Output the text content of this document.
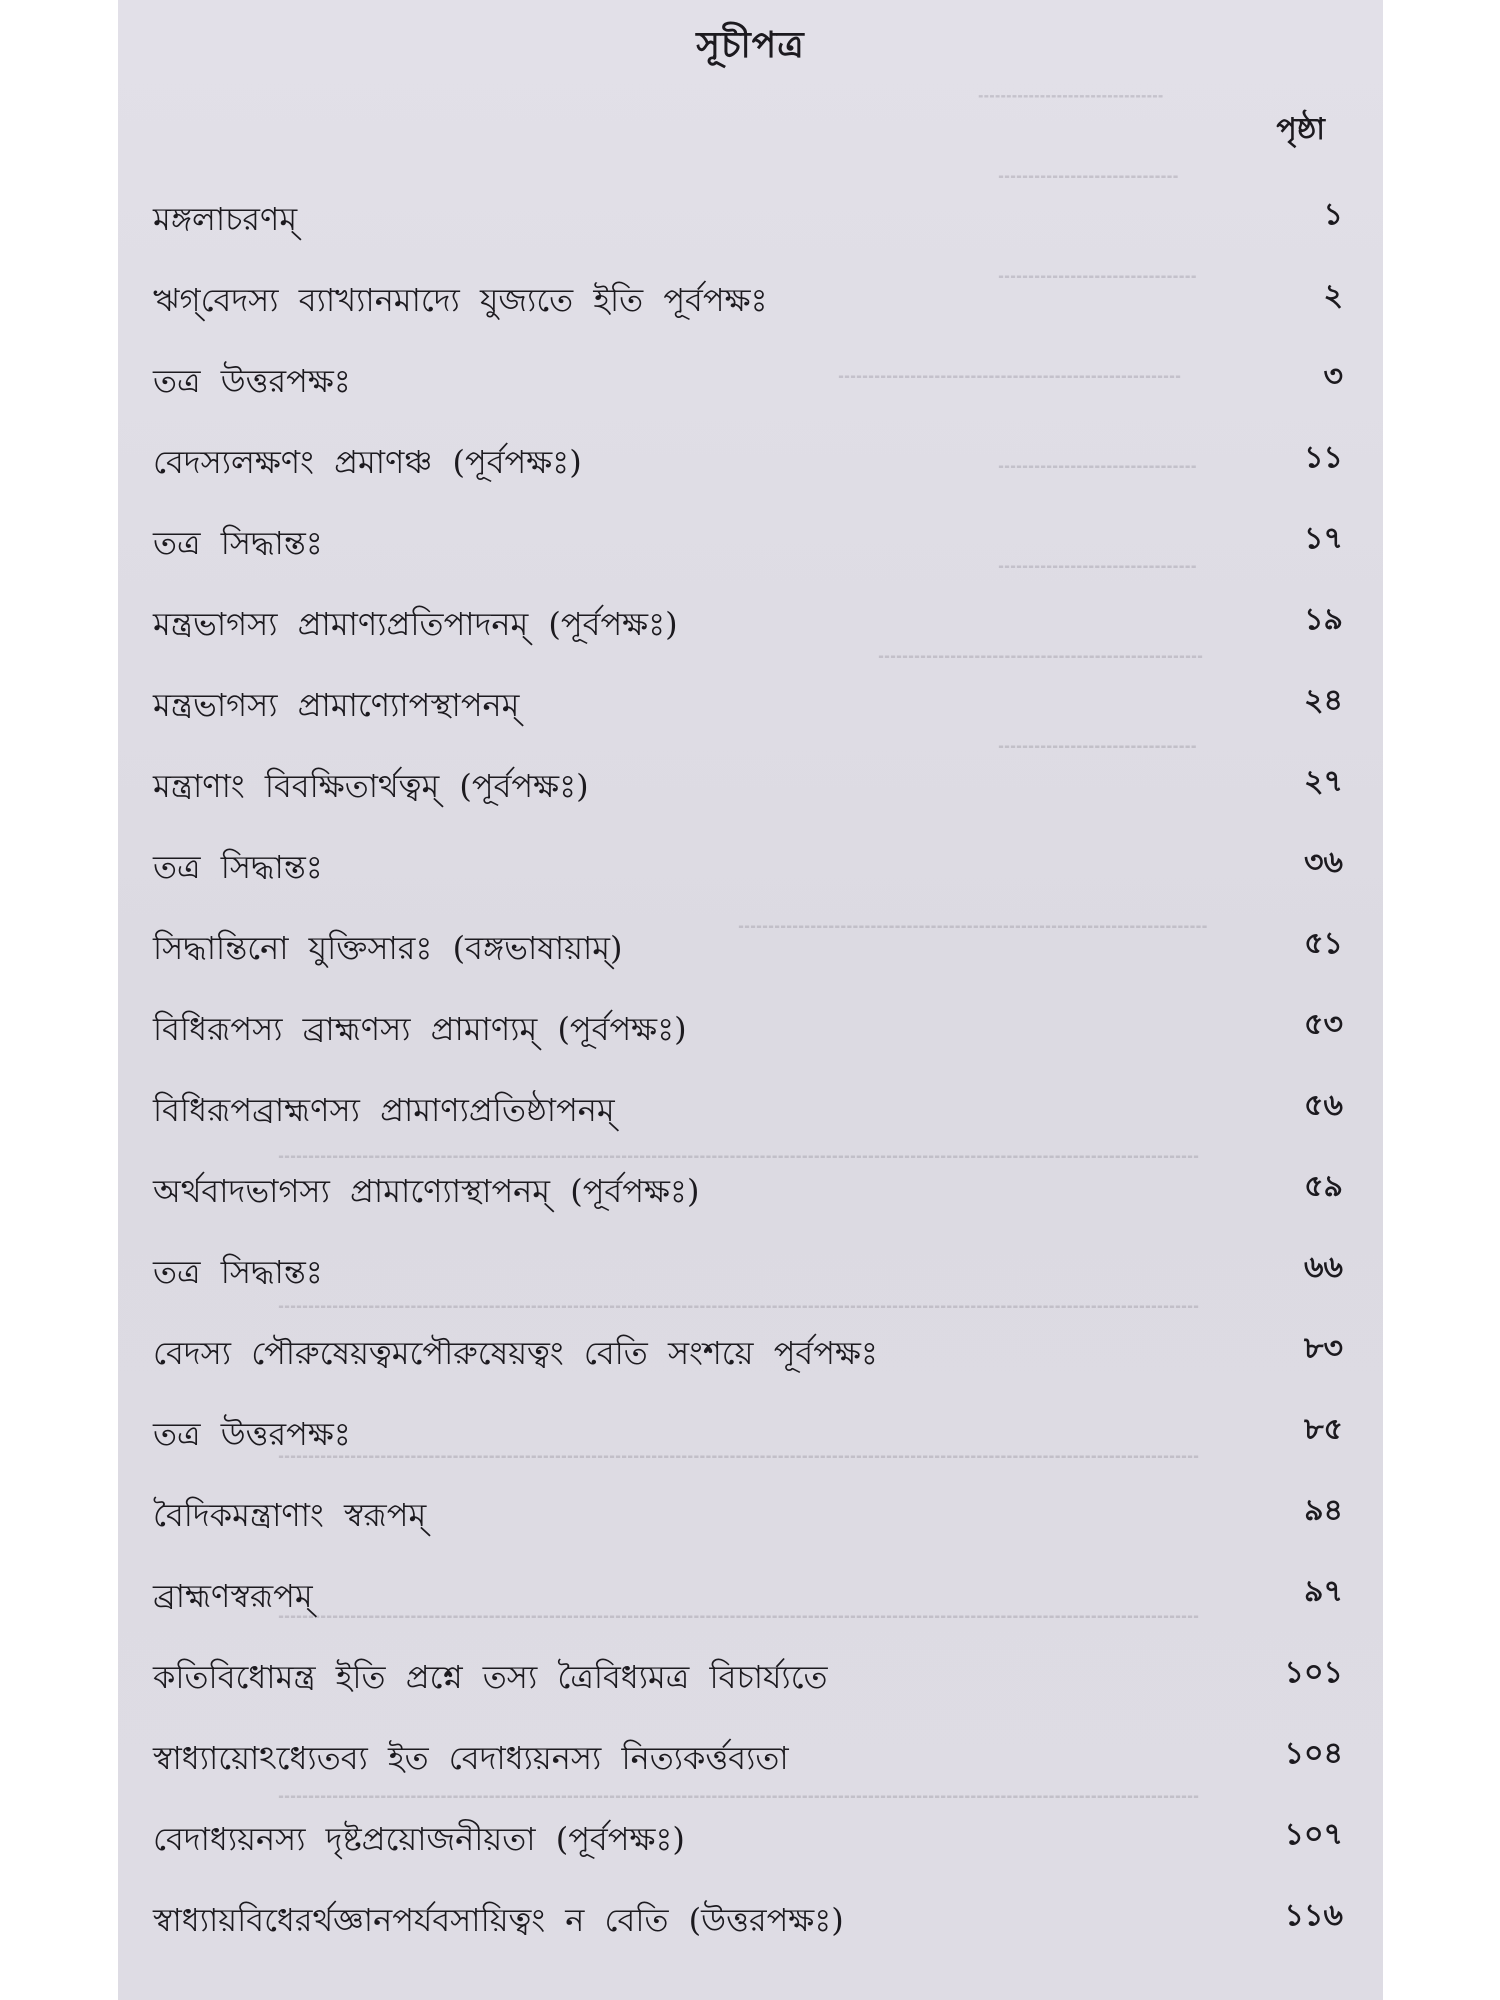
┄┄┄┄┄┄┄┄┄┄┄
┄┄┄┄┄┄┄┄┄┄
┄┄┄┄┄┄┄┄┄┄┄
┄┄┄┄┄┄┄┄┄┄┄┄┄┄┄┄┄┄┄
┄┄┄┄┄┄┄┄┄┄┄
┄┄┄┄┄┄┄┄┄┄┄
┄┄┄┄┄┄┄┄┄┄┄┄┄┄┄┄┄┄
┄┄┄┄┄┄┄┄┄┄┄
┄┄┄┄┄┄┄┄┄┄┄┄┄┄┄┄┄┄┄┄┄┄┄┄┄┄
┄┄┄┄┄┄┄┄┄┄┄┄┄┄┄┄┄┄┄┄┄┄┄┄┄┄┄┄┄┄┄┄┄┄┄┄┄┄┄┄┄┄┄┄┄┄┄┄┄┄┄
┄┄┄┄┄┄┄┄┄┄┄┄┄┄┄┄┄┄┄┄┄┄┄┄┄┄┄┄┄┄┄┄┄┄┄┄┄┄┄┄┄┄┄┄┄┄┄┄┄┄┄
┄┄┄┄┄┄┄┄┄┄┄┄┄┄┄┄┄┄┄┄┄┄┄┄┄┄┄┄┄┄┄┄┄┄┄┄┄┄┄┄┄┄┄┄┄┄┄┄┄┄┄
┄┄┄┄┄┄┄┄┄┄┄┄┄┄┄┄┄┄┄┄┄┄┄┄┄┄┄┄┄┄┄┄┄┄┄┄┄┄┄┄┄┄┄┄┄┄┄┄┄┄┄
┄┄┄┄┄┄┄┄┄┄┄┄┄┄┄┄┄┄┄┄┄┄┄┄┄┄┄┄┄┄┄┄┄┄┄┄┄┄┄┄┄┄┄┄┄┄┄┄┄┄┄
সূচীপত্র
পৃষ্ঠা
মঙ্গলাচরণম্	১
ঋগ্‌বেদস্য ব্যাখ্যানমাদ্যে যুজ্যতে ইতি পূর্বপক্ষঃ	২
তত্র উত্তরপক্ষঃ	৩
বেদস্যলক্ষণং প্রমাণঞ্চ (পূর্বপক্ষঃ)	১১
তত্র সিদ্ধান্তঃ	১৭
মন্ত্রভাগস্য প্রামাণ্যপ্রতিপাদনম্ (পূর্বপক্ষঃ)	১৯
মন্ত্রভাগস্য প্রামাণ্যোপস্থাপনম্	২৪
মন্ত্রাণাং বিবক্ষিতার্থত্বম্ (পূর্বপক্ষঃ)	২৭
তত্র সিদ্ধান্তঃ	৩৬
সিদ্ধান্তিনো যুক্তিসারঃ (বঙ্গভাষায়াম্)	৫১
বিধিরূপস্য ব্রাহ্মণস্য প্রামাণ্যম্ (পূর্বপক্ষঃ)	৫৩
বিধিরূপব্রাহ্মণস্য প্রামাণ্যপ্রতিষ্ঠাপনম্	৫৬
অর্থবাদভাগস্য প্রামাণ্যোস্থাপনম্ (পূর্বপক্ষঃ)	৫৯
তত্র সিদ্ধান্তঃ	৬৬
বেদস্য পৌরুষেয়ত্বমপৌরুষেয়ত্বং বেতি সংশয়ে পূর্বপক্ষঃ	৮৩
তত্র উত্তরপক্ষঃ	৮৫
বৈদিকমন্ত্রাণাং স্বরূপম্	৯৪
ব্রাহ্মণস্বরূপম্	৯৭
কতিবিধোমন্ত্র ইতি প্রশ্নে তস্য ত্রৈবিধ্যমত্র বিচার্য্যতে	১০১
স্বাধ্যায়োঽধ্যেতব্য ইত বেদাধ্যয়নস্য নিত্যকর্ত্তব্যতা	১০৪
বেদাধ্যয়নস্য দৃষ্টপ্রয়োজনীয়তা (পূর্বপক্ষঃ)	১০৭
স্বাধ্যায়বিধেরর্থজ্ঞানপর্যবসায়িত্বং ন বেতি (উত্তরপক্ষঃ)	১১৬
